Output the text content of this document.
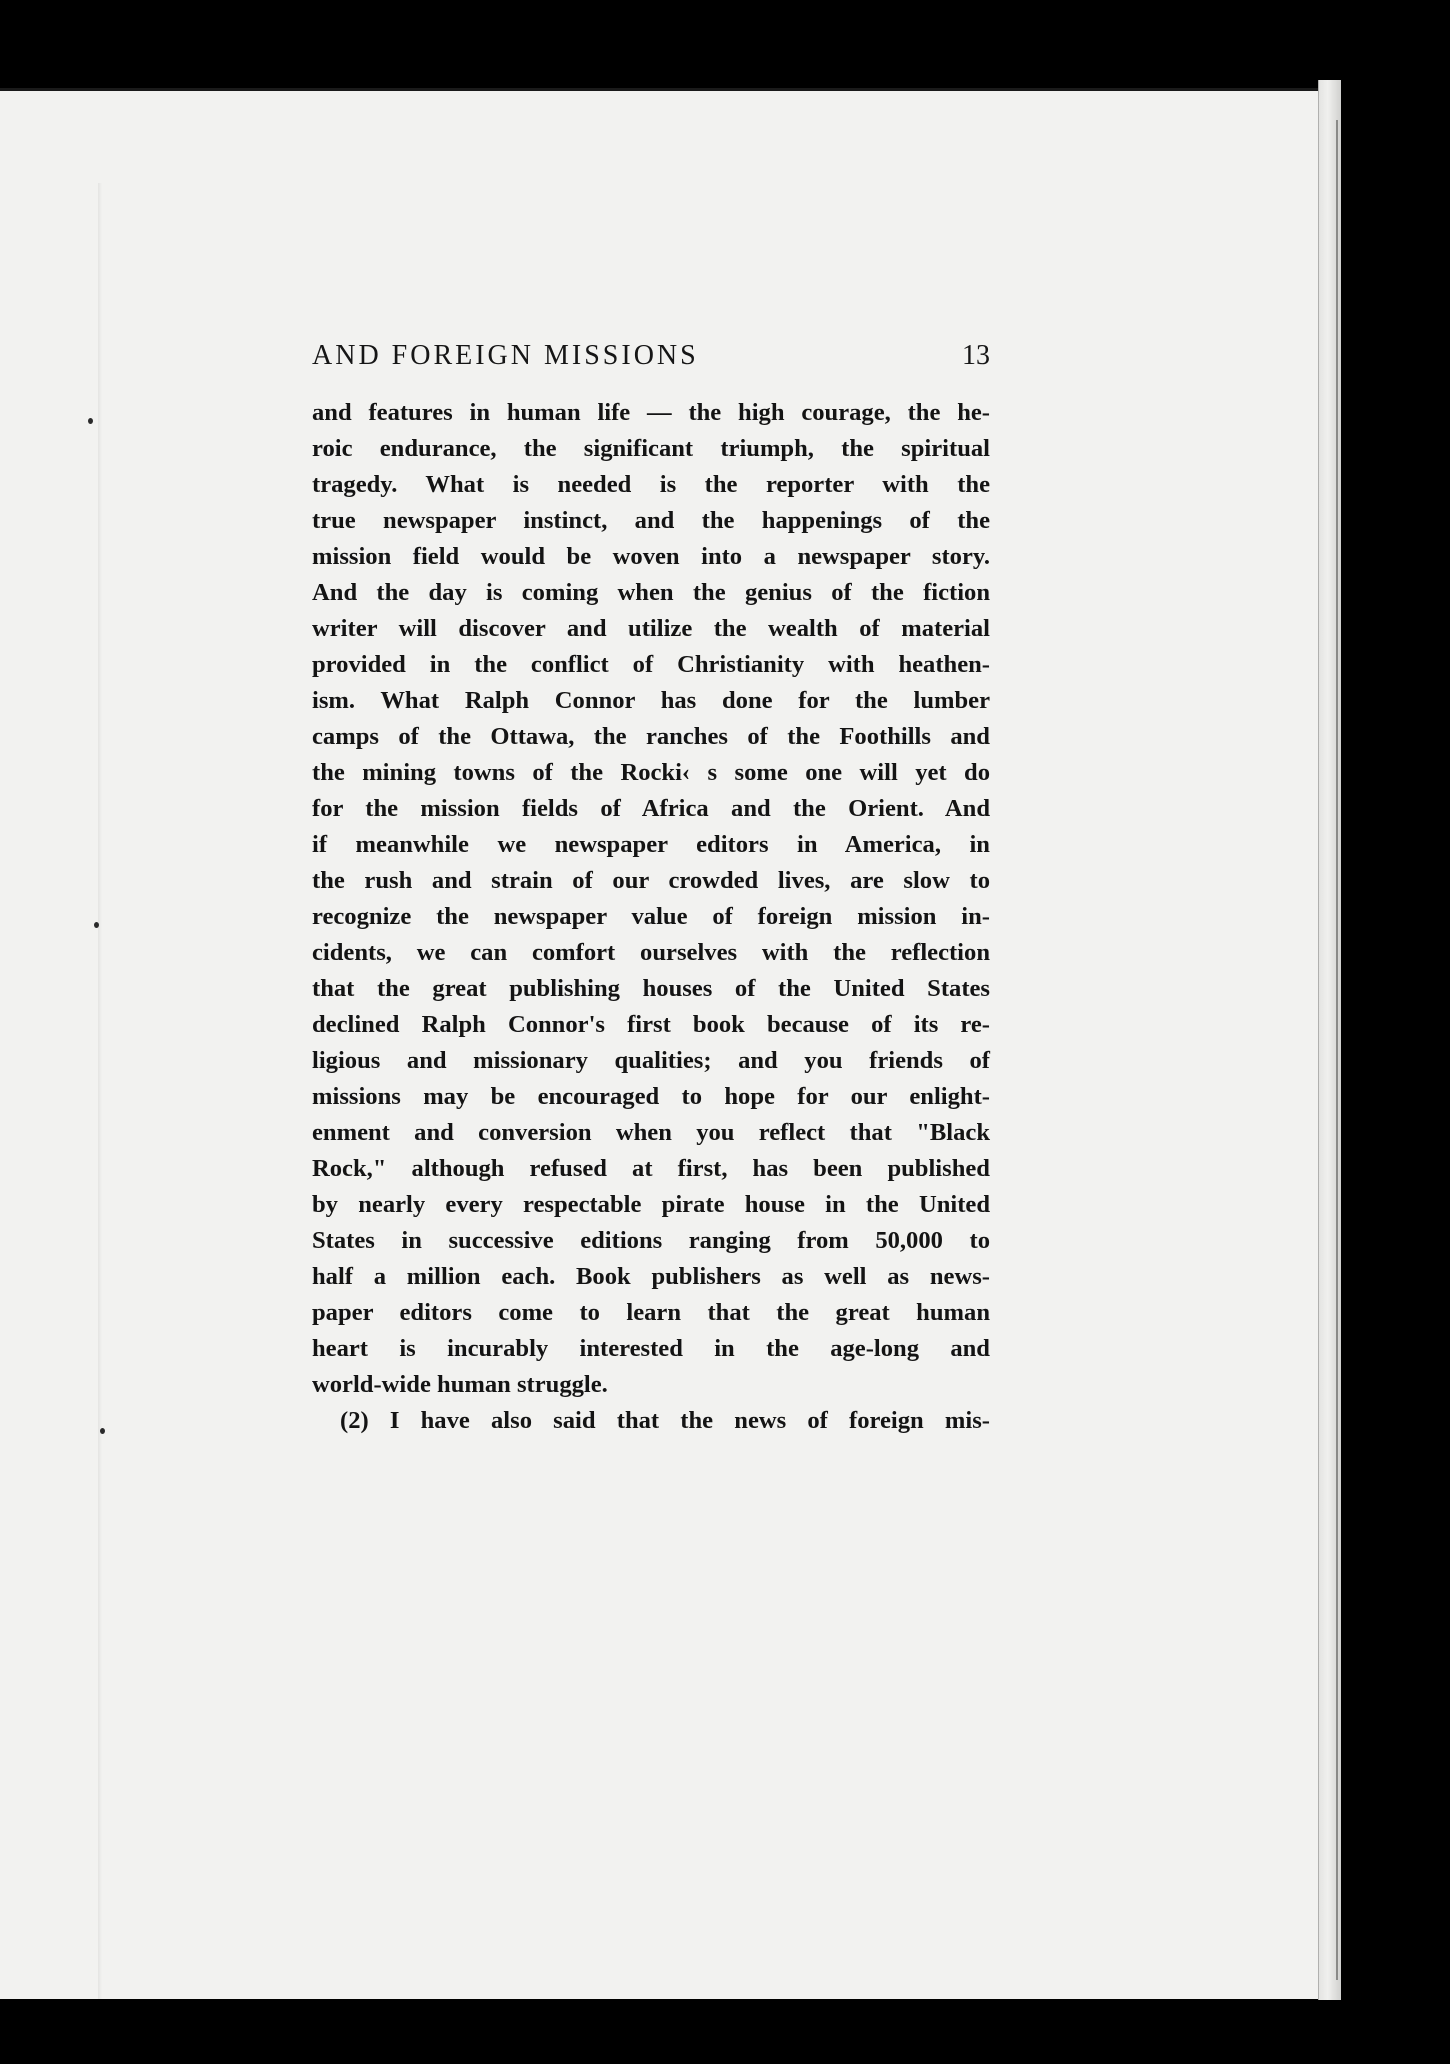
AND FOREIGN MISSIONS	13
and features in human life — the high courage, the he-
roic endurance, the significant triumph, the spiritual
tragedy. What is needed is the reporter with the
true newspaper instinct, and the happenings of the
mission field would be woven into a newspaper story.
And the day is coming when the genius of the fiction
writer will discover and utilize the wealth of material
provided in the conflict of Christianity with heathen-
ism. What Ralph Connor has done for the lumber
camps of the Ottawa, the ranches of the Foothills and
the mining towns of the Rocki‹ s some one will yet do
for the mission fields of Africa and the Orient. And
if meanwhile we newspaper editors in America, in
the rush and strain of our crowded lives, are slow to
recognize the newspaper value of foreign mission in-
cidents, we can comfort ourselves with the reflection
that the great publishing houses of the United States
declined Ralph Connor's first book because of its re-
ligious and missionary qualities; and you friends of
missions may be encouraged to hope for our enlight-
enment and conversion when you reflect that "Black
Rock," although refused at first, has been published
by nearly every respectable pirate house in the United
States in successive editions ranging from 50,000 to
half a million each. Book publishers as well as news-
paper editors come to learn that the great human
heart is incurably interested in the age-long and
world-wide human struggle.
(2) I have also said that the news of foreign mis-
